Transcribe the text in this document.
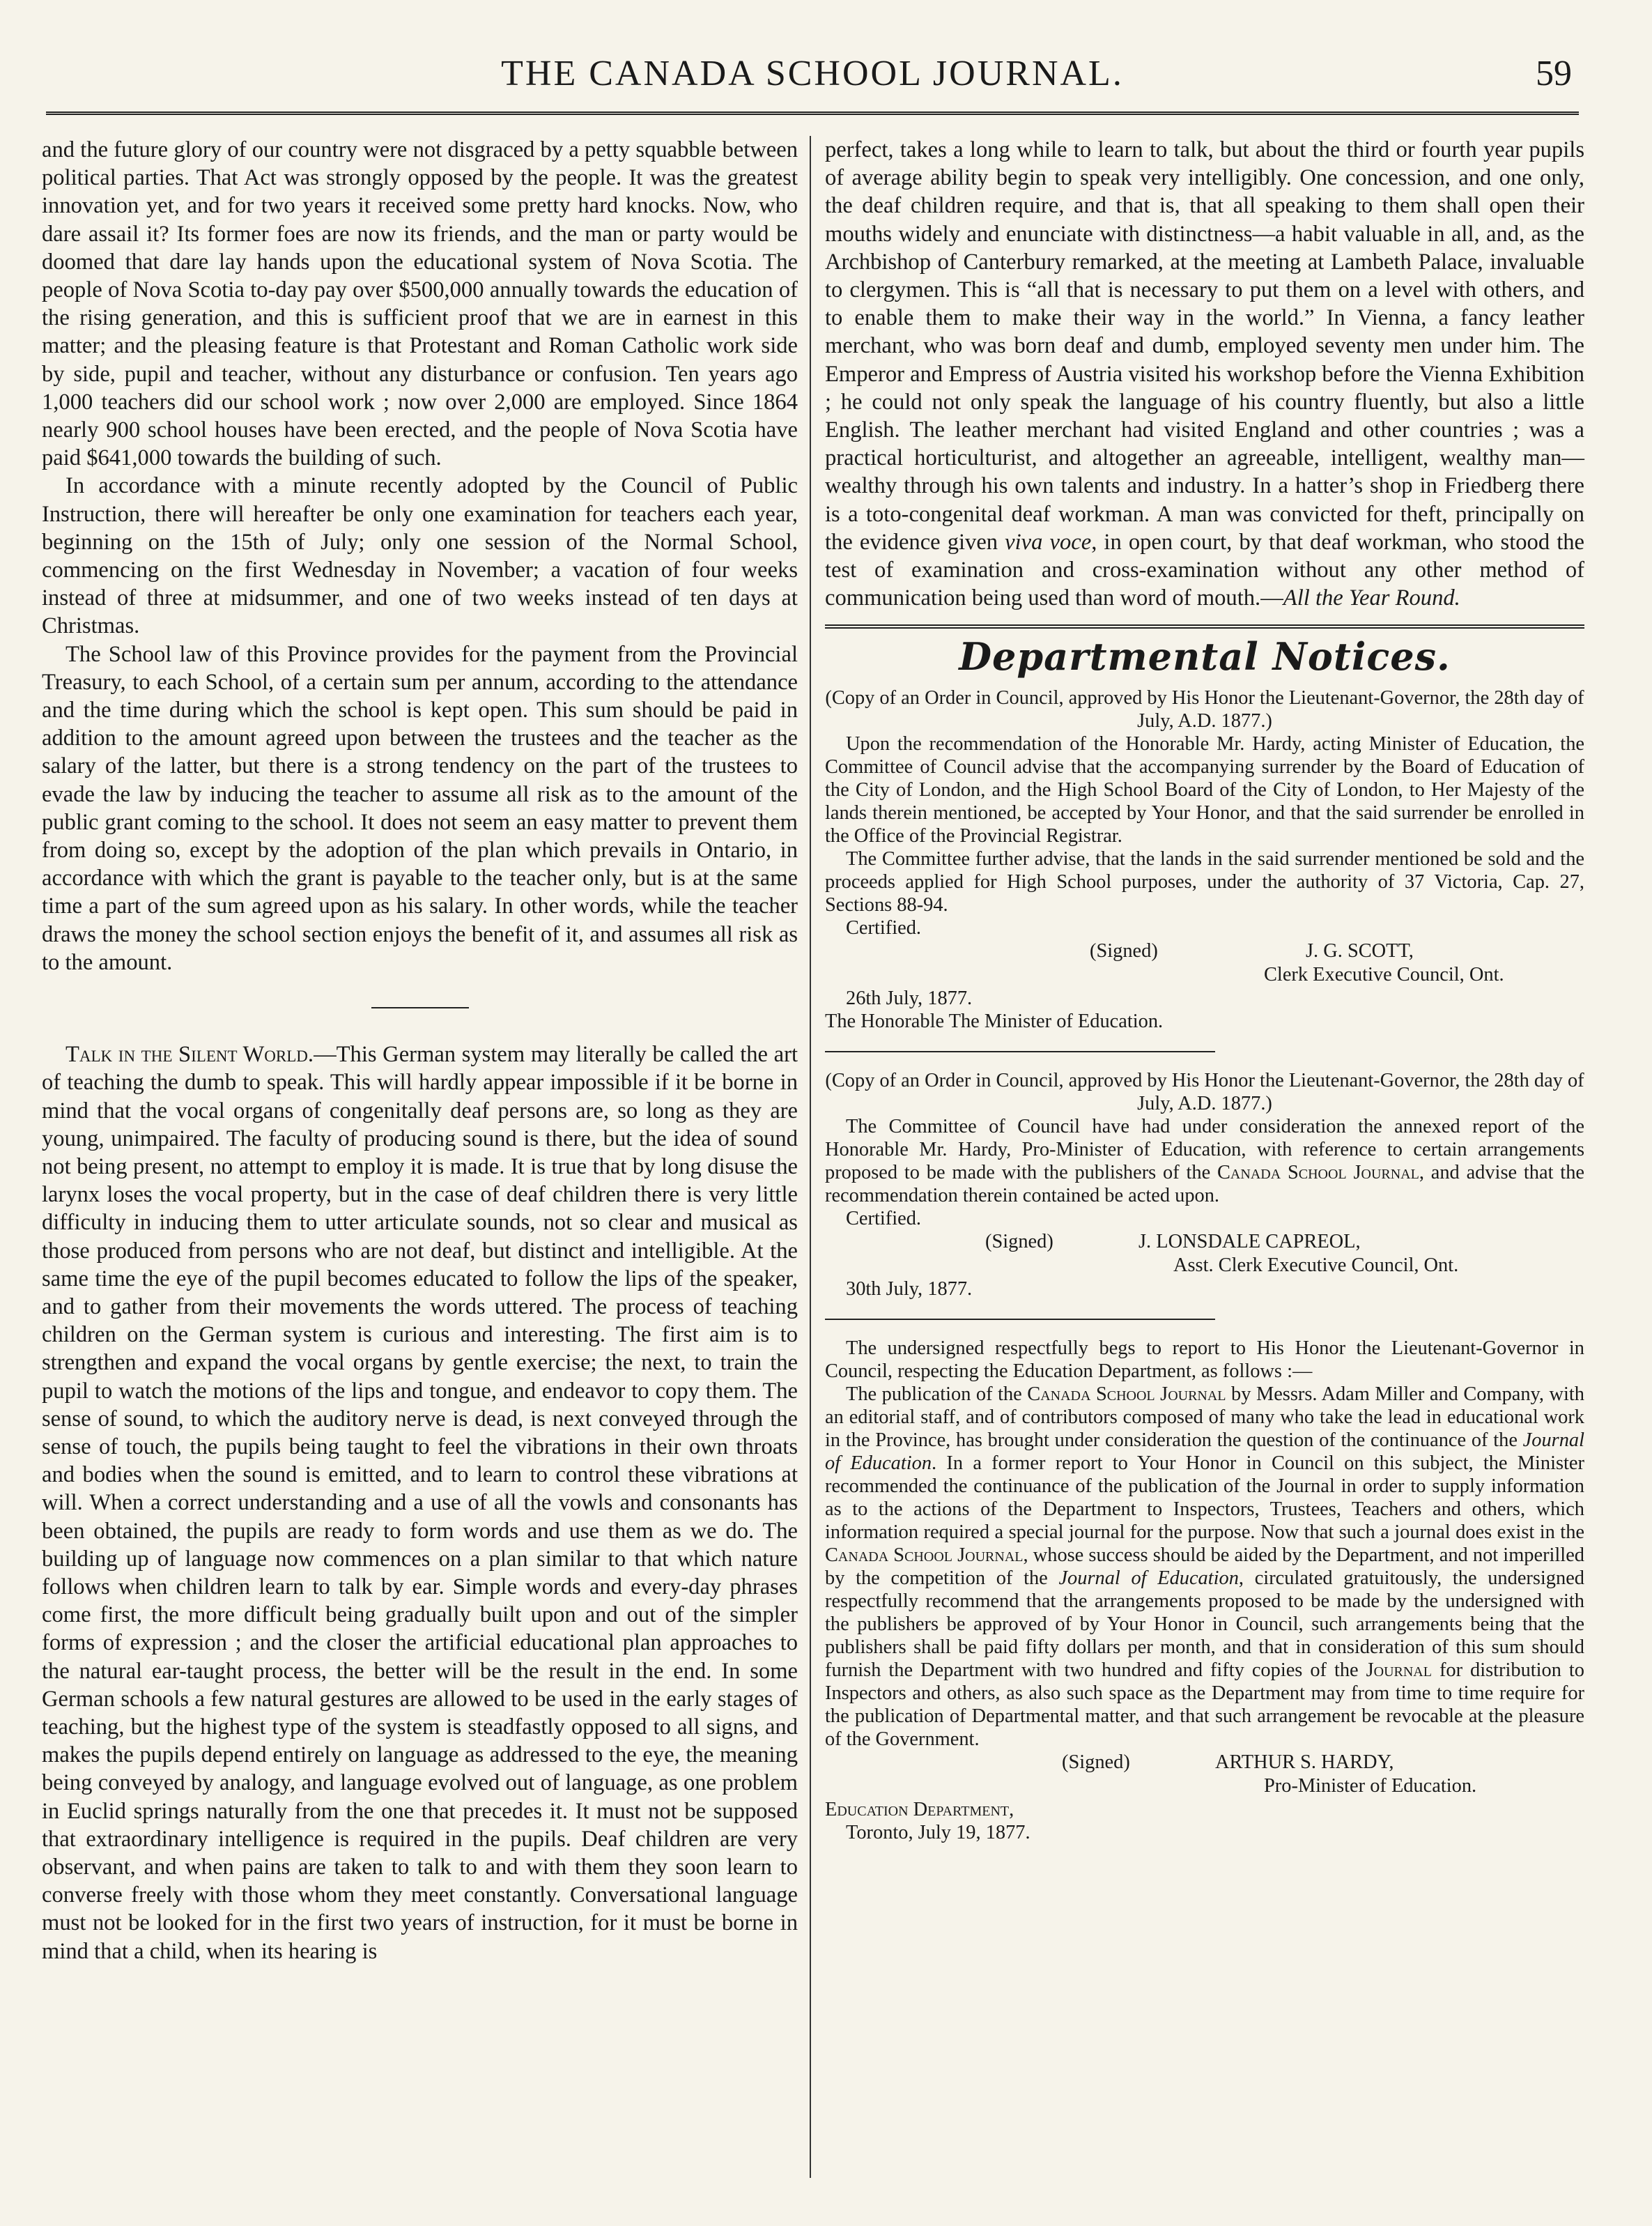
THE CANADA SCHOOL JOURNAL.	59

and the future glory of our country were not disgraced by a petty squabble between political parties. That Act was strongly opposed by the people. It was the greatest innovation yet, and for two years it received some pretty hard knocks. Now, who dare assail it? Its former foes are now its friends, and the man or party would be doomed that dare lay hands upon the educational system of Nova Scotia. The people of Nova Scotia to-day pay over $500,000 annually towards the education of the rising generation, and this is sufficient proof that we are in earnest in this matter; and the pleasing feature is that Protestant and Roman Catholic work side by side, pupil and teacher, without any disturbance or confusion. Ten years ago 1,000 teachers did our school work ; now over 2,000 are employed. Since 1864 nearly 900 school houses have been erected, and the people of Nova Scotia have paid $641,000 towards the building of such.

In accordance with a minute recently adopted by the Council of Public Instruction, there will hereafter be only one examination for teachers each year, beginning on the 15th of July; only one session of the Normal School, commencing on the first Wednesday in November; a vacation of four weeks instead of three at midsummer, and one of two weeks instead of ten days at Christmas.

The School law of this Province provides for the payment from the Provincial Treasury, to each School, of a certain sum per annum, according to the attendance and the time during which the school is kept open. This sum should be paid in addition to the amount agreed upon between the trustees and the teacher as the salary of the latter, but there is a strong tendency on the part of the trustees to evade the law by inducing the teacher to assume all risk as to the amount of the public grant coming to the school. It does not seem an easy matter to prevent them from doing so, except by the adoption of the plan which prevails in Ontario, in accordance with which the grant is payable to the teacher only, but is at the same time a part of the sum agreed upon as his salary. In other words, while the teacher draws the money the school section enjoys the benefit of it, and assumes all risk as to the amount.

Talk in the Silent World.—This German system may literally be called the art of teaching the dumb to speak. This will hardly appear impossible if it be borne in mind that the vocal organs of congenitally deaf persons are, so long as they are young, unimpaired. The faculty of producing sound is there, but the idea of sound not being present, no attempt to employ it is made. It is true that by long disuse the larynx loses the vocal property, but in the case of deaf children there is very little difficulty in inducing them to utter articulate sounds, not so clear and musical as those produced from persons who are not deaf, but distinct and intelligible. At the same time the eye of the pupil becomes educated to follow the lips of the speaker, and to gather from their movements the words uttered. The process of teaching children on the German system is curious and interesting. The first aim is to strengthen and expand the vocal organs by gentle exercise; the next, to train the pupil to watch the motions of the lips and tongue, and endeavor to copy them. The sense of sound, to which the auditory nerve is dead, is next conveyed through the sense of touch, the pupils being taught to feel the vibrations in their own throats and bodies when the sound is emitted, and to learn to control these vibrations at will. When a correct understanding and a use of all the vowls and consonants has been obtained, the pupils are ready to form words and use them as we do. The building up of language now commences on a plan similar to that which nature follows when children learn to talk by ear. Simple words and every-day phrases come first, the more difficult being gradually built upon and out of the simpler forms of expression ; and the closer the artificial educational plan approaches to the natural ear-taught process, the better will be the result in the end. In some German schools a few natural gestures are allowed to be used in the early stages of teaching, but the highest type of the system is steadfastly opposed to all signs, and makes the pupils depend entirely on language as addressed to the eye, the meaning being conveyed by analogy, and language evolved out of language, as one problem in Euclid springs naturally from the one that precedes it. It must not be supposed that extraordinary intelligence is required in the pupils. Deaf children are very observant, and when pains are taken to talk to and with them they soon learn to converse freely with those whom they meet constantly. Conversational language must not be looked for in the first two years of instruction, for it must be borne in mind that a child, when its hearing is

perfect, takes a long while to learn to talk, but about the third or fourth year pupils of average ability begin to speak very intelligibly. One concession, and one only, the deaf children require, and that is, that all speaking to them shall open their mouths widely and enunciate with distinctness—a habit valuable in all, and, as the Archbishop of Canterbury remarked, at the meeting at Lambeth Palace, invaluable to clergymen. This is “all that is necessary to put them on a level with others, and to enable them to make their way in the world.” In Vienna, a fancy leather merchant, who was born deaf and dumb, employed seventy men under him. The Emperor and Empress of Austria visited his workshop before the Vienna Exhibition ; he could not only speak the language of his country fluently, but also a little English. The leather merchant had visited England and other countries ; was a practical horticulturist, and altogether an agreeable, intelligent, wealthy man—wealthy through his own talents and industry. In a hatter’s shop in Friedberg there is a toto-congenital deaf workman. A man was convicted for theft, principally on the evidence given viva voce, in open court, by that deaf workman, who stood the test of examination and cross-examination without any other method of communication being used than word of mouth.—All the Year Round.

Departmental Notices.

(Copy of an Order in Council, approved by His Honor the Lieutenant-Governor, the 28th day of July, A.D. 1877.)

Upon the recommendation of the Honorable Mr. Hardy, acting Minister of Education, the Committee of Council advise that the accompanying surrender by the Board of Education of the City of London, and the High School Board of the City of London, to Her Majesty of the lands therein mentioned, be accepted by Your Honor, and that the said surrender be enrolled in the Office of the Provincial Registrar.

The Committee further advise, that the lands in the said surrender mentioned be sold and the proceeds applied for High School purposes, under the authority of 37 Victoria, Cap. 27, Sections 88-94.

Certified.

(Signed)	J. G. SCOTT,
Clerk Executive Council, Ont.

26th July, 1877.

The Honorable The Minister of Education.

(Copy of an Order in Council, approved by His Honor the Lieutenant-Governor, the 28th day of July, A.D. 1877.)

The Committee of Council have had under consideration the annexed report of the Honorable Mr. Hardy, Pro-Minister of Education, with reference to certain arrangements proposed to be made with the publishers of the Canada School Journal, and advise that the recommendation therein contained be acted upon.

Certified.

(Signed)	J. LONSDALE CAPREOL,
Asst. Clerk Executive Council, Ont.

30th July, 1877.

The undersigned respectfully begs to report to His Honor the Lieutenant-Governor in Council, respecting the Education Department, as follows :—

The publication of the Canada School Journal by Messrs. Adam Miller and Company, with an editorial staff, and of contributors composed of many who take the lead in educational work in the Province, has brought under consideration the question of the continuance of the Journal of Education. In a former report to Your Honor in Council on this subject, the Minister recommended the continuance of the publication of the Journal in order to supply information as to the actions of the Department to Inspectors, Trustees, Teachers and others, which information required a special journal for the purpose. Now that such a journal does exist in the Canada School Journal, whose success should be aided by the Department, and not imperilled by the competition of the Journal of Education, circulated gratuitously, the undersigned respectfully recommend that the arrangements proposed to be made by the undersigned with the publishers be approved of by Your Honor in Council, such arrangements being that the publishers shall be paid fifty dollars per month, and that in consideration of this sum should furnish the Department with two hundred and fifty copies of the Journal for distribution to Inspectors and others, as also such space as the Department may from time to time require for the publication of Departmental matter, and that such arrangement be revocable at the pleasure of the Government.

(Signed)	ARTHUR S. HARDY,
Pro-Minister of Education.

Education Department,

Toronto, July 19, 1877.
